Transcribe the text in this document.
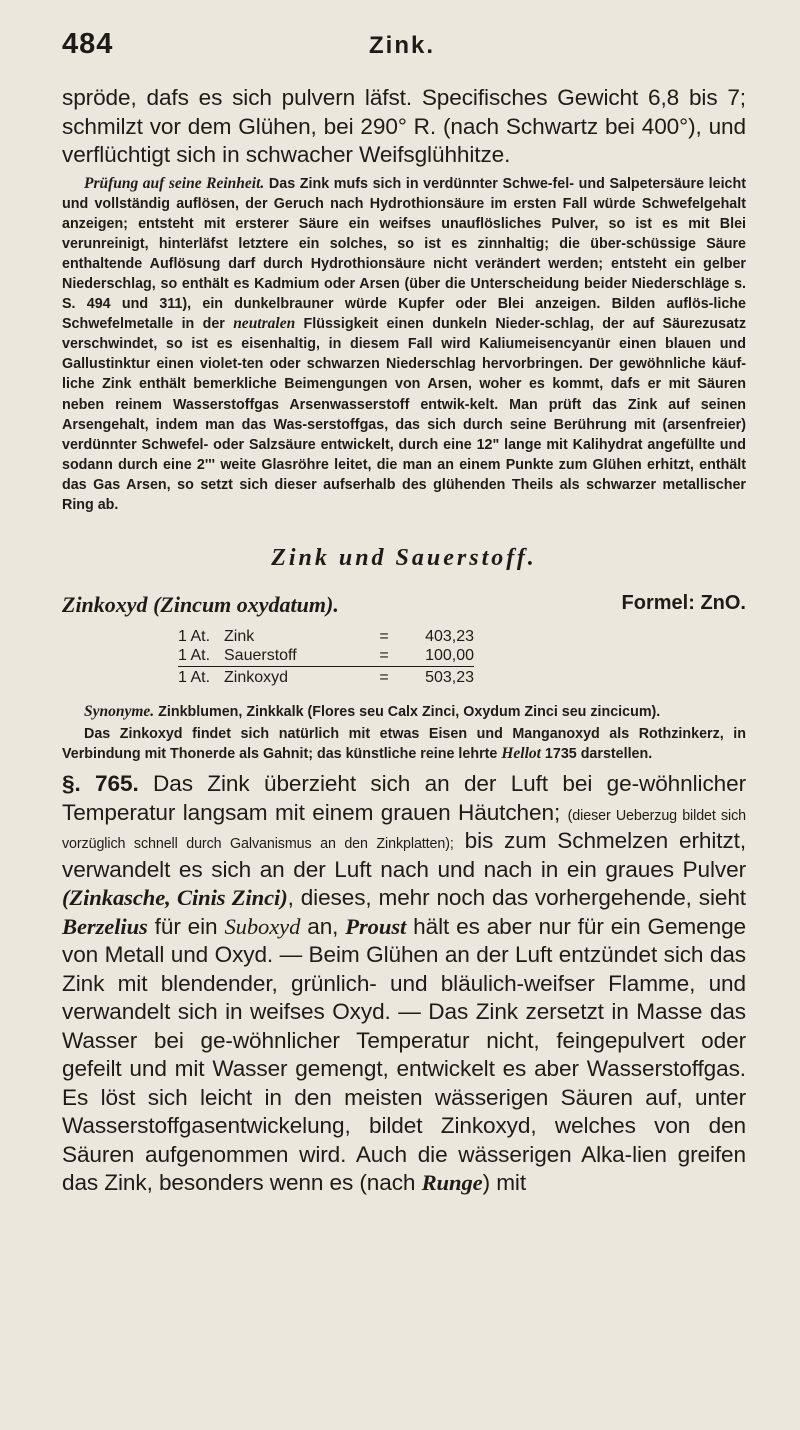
484	Zink.

spröde, dafs es sich pulvern läfst. Specifisches Gewicht 6,8 bis 7; schmilzt vor dem Glühen, bei 290° R. (nach Schwartz bei 400°), und verflüchtigt sich in schwacher Weifsglühhitze.

Prüfung auf seine Reinheit. Das Zink mufs sich in verdünnter Schwe-fel- und Salpetersäure leicht und vollständig auflösen, der Geruch nach Hydrothionsäure im ersten Fall würde Schwefelgehalt anzeigen; entsteht mit ersterer Säure ein weifses unauflösliches Pulver, so ist es mit Blei verunreinigt, hinterläfst letztere ein solches, so ist es zinnhaltig; die über-schüssige Säure enthaltende Auflösung darf durch Hydrothionsäure nicht verändert werden; entsteht ein gelber Niederschlag, so enthält es Kadmium oder Arsen (über die Unterscheidung beider Niederschläge s. S. 494 und 311), ein dunkelbrauner würde Kupfer oder Blei anzeigen. Bilden auflös-liche Schwefelmetalle in der neutralen Flüssigkeit einen dunkeln Nieder-schlag, der auf Säurezusatz verschwindet, so ist es eisenhaltig, in diesem Fall wird Kaliumeisencyanür einen blauen und Gallustinktur einen violet-ten oder schwarzen Niederschlag hervorbringen. Der gewöhnliche käuf-liche Zink enthält bemerkliche Beimengungen von Arsen, woher es kommt, dafs er mit Säuren neben reinem Wasserstoffgas Arsenwasserstoff entwik-kelt. Man prüft das Zink auf seinen Arsengehalt, indem man das Was-serstoffgas, das sich durch seine Berührung mit (arsenfreier) verdünnter Schwefel- oder Salzsäure entwickelt, durch eine 12" lange mit Kalihydrat angefüllte und sodann durch eine 2''' weite Glasröhre leitet, die man an einem Punkte zum Glühen erhitzt, enthält das Gas Arsen, so setzt sich dieser aufserhalb des glühenden Theils als schwarzer metallischer Ring ab.

Zink und Sauerstoff.
Zinkoxyd (Zincum oxydatum).	Formel: ZnO.
1 At.	Zink	=	403,23
1 At.	Sauerstoff	=	100,00
1 At.	Zinkoxyd	=	503,23

Synonyme. Zinkblumen, Zinkkalk (Flores seu Calx Zinci, Oxydum Zinci seu zincicum).

Das Zinkoxyd findet sich natürlich mit etwas Eisen und Manganoxyd als Rothzinkerz, in Verbindung mit Thonerde als Gahnit; das künstliche reine lehrte Hellot 1735 darstellen.

§. 765. Das Zink überzieht sich an der Luft bei ge-wöhnlicher Temperatur langsam mit einem grauen Häutchen; (dieser Ueberzug bildet sich vorzüglich schnell durch Galvanismus an den Zinkplatten); bis zum Schmelzen erhitzt, verwandelt es sich an der Luft nach und nach in ein graues Pulver (Zinkasche, Cinis Zinci), dieses, mehr noch das vorhergehende, sieht Berzelius für ein Suboxyd an, Proust hält es aber nur für ein Gemenge von Metall und Oxyd. — Beim Glühen an der Luft entzündet sich das Zink mit blendender, grünlich- und bläulich-weifser Flamme, und verwandelt sich in weifses Oxyd. — Das Zink zersetzt in Masse das Wasser bei ge-wöhnlicher Temperatur nicht, feingepulvert oder gefeilt und mit Wasser gemengt, entwickelt es aber Wasserstoffgas. Es löst sich leicht in den meisten wässerigen Säuren auf, unter Wasserstoffgasentwickelung, bildet Zinkoxyd, welches von den Säuren aufgenommen wird. Auch die wässerigen Alka-lien greifen das Zink, besonders wenn es (nach Runge) mit
